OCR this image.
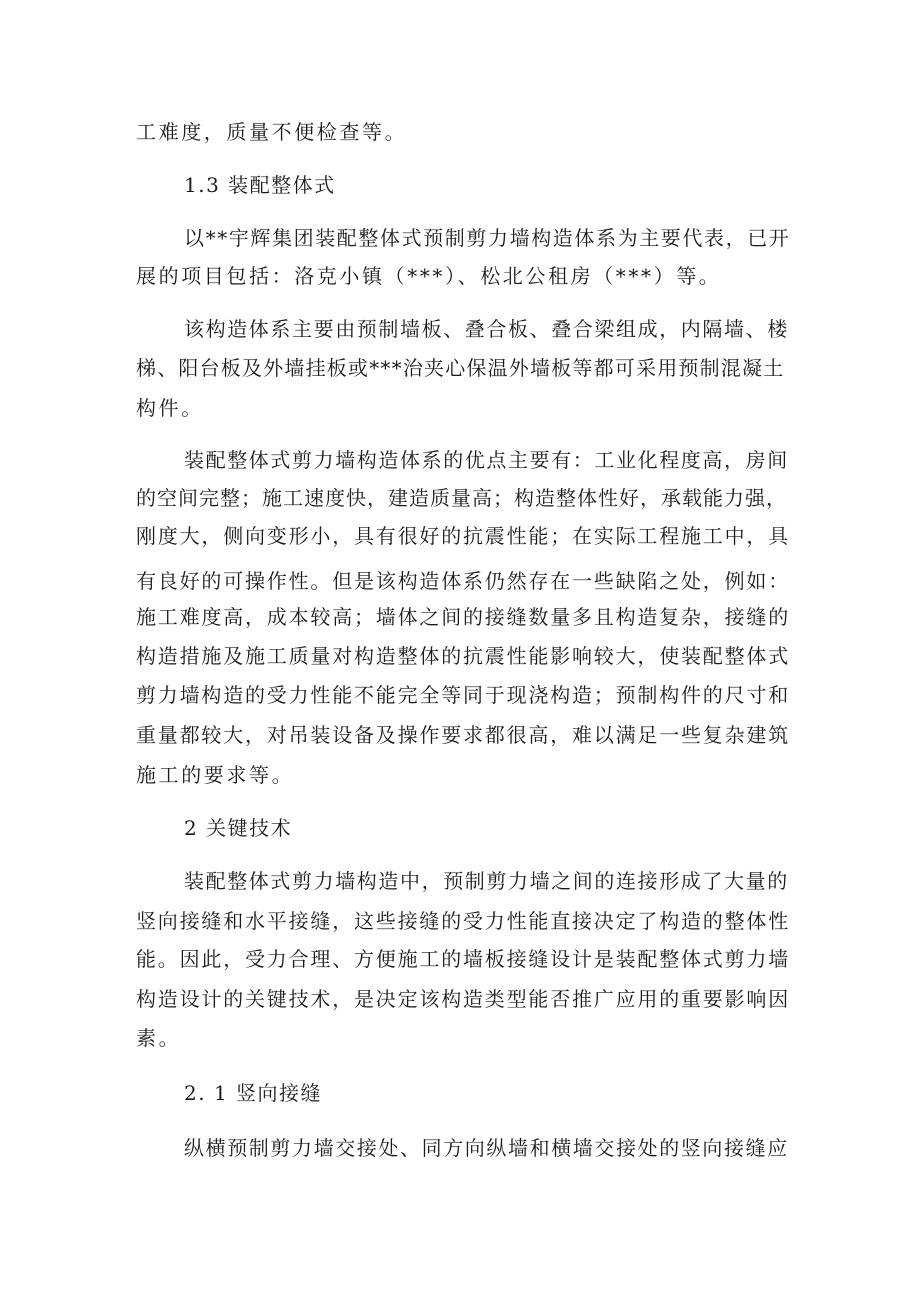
工难度，质量不便检查等。
1.3 装配整体式
以**宇辉集团装配整体式预制剪力墙构造体系为主要代表，已开
展的项目包括：洛克小镇（***）、松北公租房（***）等。
该构造体系主要由预制墙板、叠合板、叠合梁组成，内隔墙、楼
梯、阳台板及外墙挂板或***治夹心保温外墙板等都可采用预制混凝土
构件。
装配整体式剪力墙构造体系的优点主要有：工业化程度高，房间
的空间完整；施工速度快，建造质量高；构造整体性好，承载能力强，
刚度大，侧向变形小，具有很好的抗震性能；在实际工程施工中，具
有良好的可操作性。但是该构造体系仍然存在一些缺陷之处，例如：
施工难度高，成本较高；墙体之间的接缝数量多且构造复杂，接缝的
构造措施及施工质量对构造整体的抗震性能影响较大，使装配整体式
剪力墙构造的受力性能不能完全等同于现浇构造；预制构件的尺寸和
重量都较大，对吊装设备及操作要求都很高，难以满足一些复杂建筑
施工的要求等。
2 关键技术
装配整体式剪力墙构造中，预制剪力墙之间的连接形成了大量的
竖向接缝和水平接缝，这些接缝的受力性能直接决定了构造的整体性
能。因此，受力合理、方便施工的墙板接缝设计是装配整体式剪力墙
构造设计的关键技术，是决定该构造类型能否推广应用的重要影响因
素。
2. 1 竖向接缝
纵横预制剪力墙交接处、同方向纵墙和横墙交接处的竖向接缝应
